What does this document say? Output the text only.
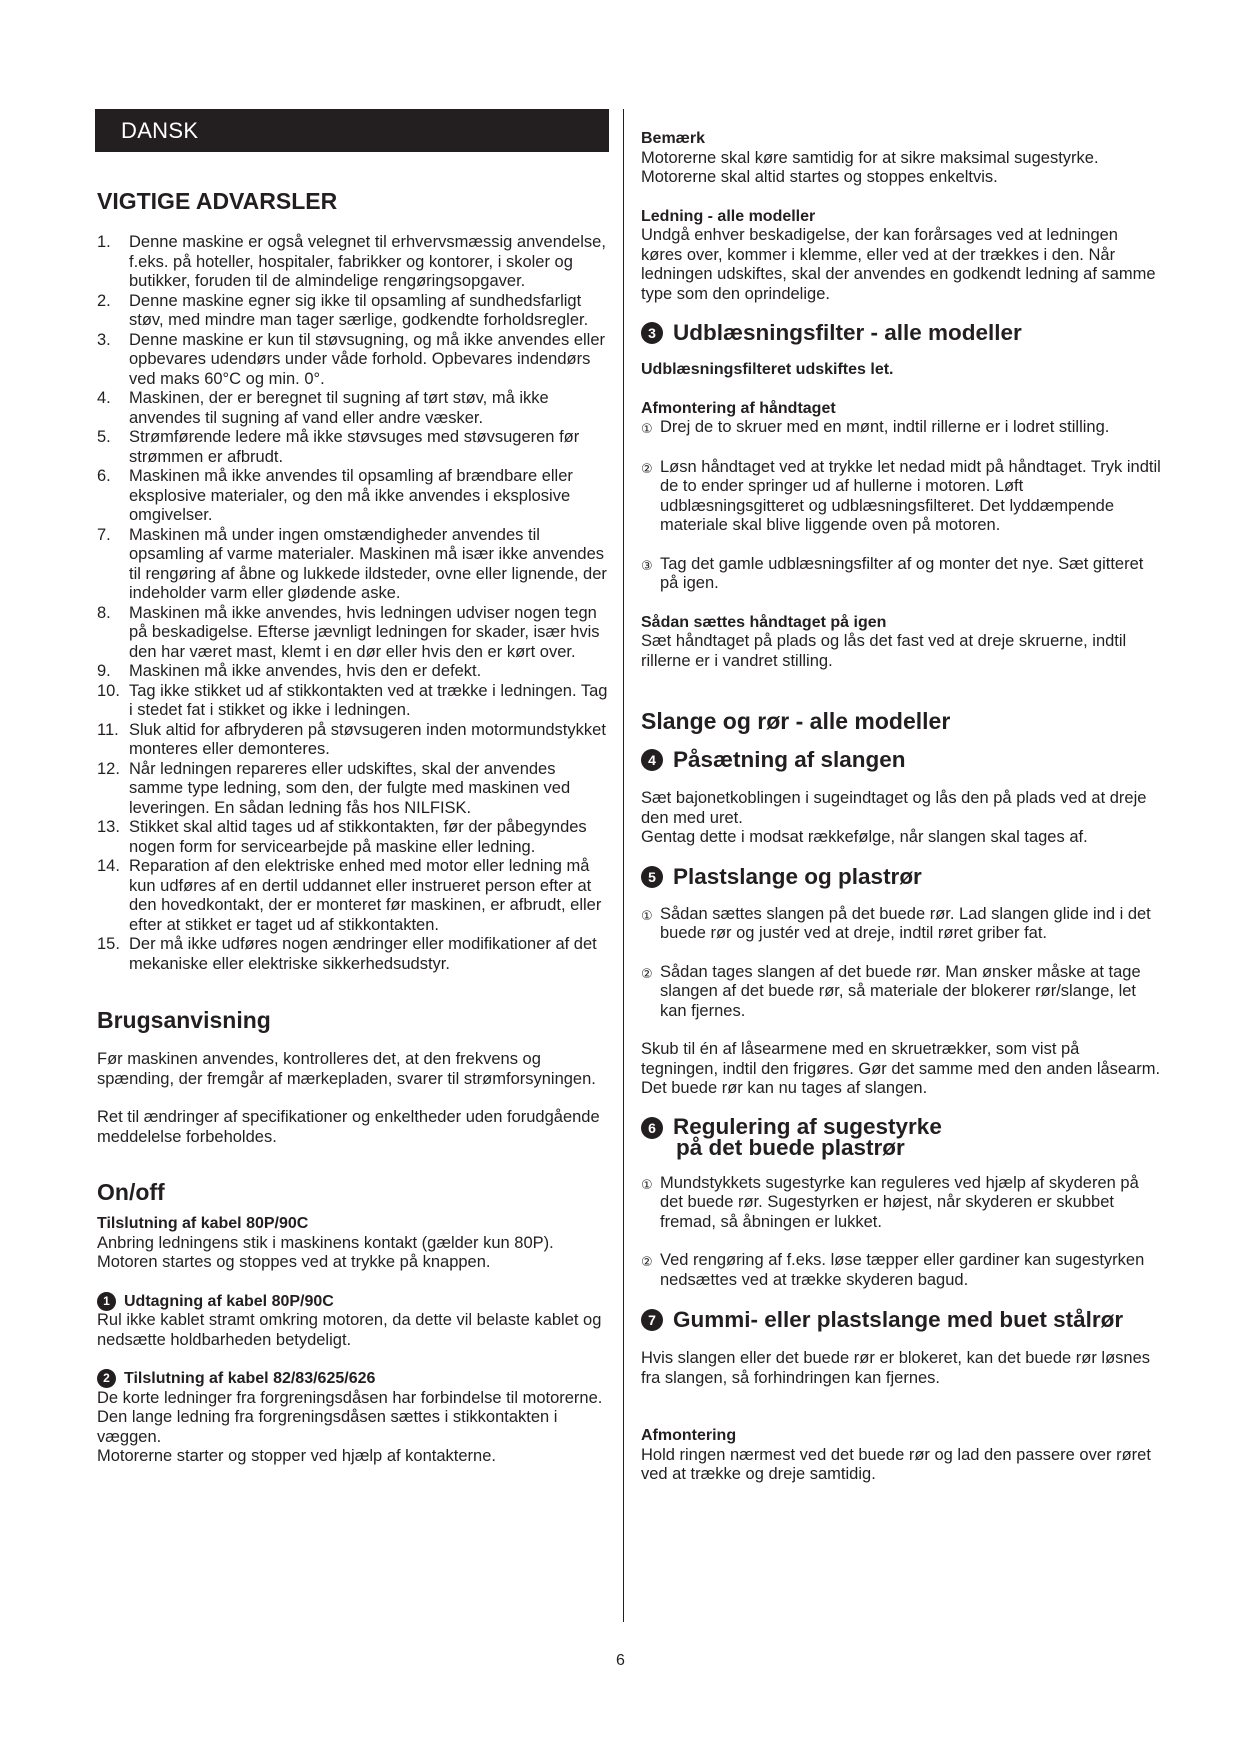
DANSK
VIGTIGE ADVARSLER
1.	Denne maskine er også velegnet til erhvervsmæssig anvendelse, f.eks. på hoteller, hospitaler, fabrikker og kontorer, i skoler og butikker, foruden til de almindelige rengøringsopgaver.
2.	Denne maskine egner sig ikke til opsamling af sundhedsfarligt støv, med mindre man tager særlige, godkendte forholdsregler.
3.	Denne maskine er kun til støvsugning, og må ikke anvendes eller opbevares udendørs under våde forhold. Opbevares indendørs ved maks 60°C og min. 0°.
4.	Maskinen, der er beregnet til sugning af tørt støv, må ikke anvendes til sugning af vand eller andre væsker.
5.	Strømførende ledere må ikke støvsuges med støvsugeren før strømmen er afbrudt.
6.	Maskinen må ikke anvendes til opsamling af brændbare eller eksplosive materialer, og den må ikke anvendes i eksplosive omgivelser.
7.	Maskinen må under ingen omstændigheder anvendes til opsamling af varme materialer. Maskinen må især ikke anvendes til rengøring af åbne og lukkede ildsteder, ovne eller lignende, der indeholder varm eller glødende aske.
8.	Maskinen må ikke anvendes, hvis ledningen udviser nogen tegn på beskadigelse. Efterse jævnligt ledningen for skader, især hvis den har været mast, klemt i en dør eller hvis den er kørt over.
9.	Maskinen må ikke anvendes, hvis den er defekt.
10. Tag ikke stikket ud af stikkontakten ved at trække i ledningen. Tag i stedet fat i stikket og ikke i ledningen.
11. Sluk altid for afbryderen på støvsugeren inden motormundstykket monteres eller demonteres.
12. Når ledningen repareres eller udskiftes, skal der anvendes samme type ledning, som den, der fulgte med maskinen ved leveringen. En sådan ledning fås hos NILFISK.
13. Stikket skal altid tages ud af stikkontakten, før der påbegyndes nogen form for servicearbejde på maskine eller ledning.
14. Reparation af den elektriske enhed med motor eller ledning må kun udføres af en dertil uddannet eller instrueret person efter at den hovedkontakt, der er monteret før maskinen, er afbrudt, eller efter at stikket er taget ud af stikkontakten.
15. Der må ikke udføres nogen ændringer eller modifikationer af det mekaniske eller elektriske sikkerhedsudstyr.
Brugsanvisning

Før maskinen anvendes, kontrolleres det, at den frekvens og spænding, der fremgår af mærkepladen, svarer til strømforsyningen.

Ret til ændringer af specifikationer og enkeltheder uden forudgående meddelelse forbeholdes.

On/off
Tilslutning af kabel 80P/90C

Anbring ledningens stik i maskinens kontakt (gælder kun 80P). Motoren startes og stoppes ved at trykke på knappen.

1 Udtagning af kabel 80P/90C

Rul ikke kablet stramt omkring motoren, da dette vil belaste kablet og nedsætte holdbarheden betydeligt.

2 Tilslutning af kabel 82/83/625/626

De korte ledninger fra forgreningsdåsen har forbindelse til motorerne. Den lange ledning fra forgreningsdåsen sættes i stikkontakten i væggen.

Motorerne starter og stopper ved hjælp af kontakterne.

Bemærk

Motorerne skal køre samtidig for at sikre maksimal sugestyrke. Motorerne skal altid startes og stoppes enkeltvis.

Ledning - alle modeller

Undgå enhver beskadigelse, der kan forårsages ved at ledningen køres over, kommer i klemme, eller ved at der trækkes i den. Når ledningen udskiftes, skal der anvendes en godkendt ledning af samme type som den oprindelige.

3 Udblæsningsfilter - alle modeller
Udblæsningsfilteret udskiftes let.
Afmontering af håndtaget
① Drej de to skruer med en mønt, indtil rillerne er i lodret stilling.
② Løsn håndtaget ved at trykke let nedad midt på håndtaget. Tryk indtil de to ender springer ud af hullerne i motoren. Løft udblæsningsgitteret og udblæsningsfilteret. Det lyddæmpende materiale skal blive liggende oven på motoren.
③ Tag det gamle udblæsningsfilter af og monter det nye. Sæt gitteret på igen.
Sådan sættes håndtaget på igen

Sæt håndtaget på plads og lås det fast ved at dreje skruerne, indtil rillerne er i vandret stilling.

Slange og rør - alle modeller
4 Påsætning af slangen

Sæt bajonetkoblingen i sugeindtaget og lås den på plads ved at dreje den med uret.

Gentag dette i modsat rækkefølge, når slangen skal tages af.

5 Plastslange og plastrør
① Sådan sættes slangen på det buede rør. Lad slangen glide ind i det buede rør og justér ved at dreje, indtil røret griber fat.
② Sådan tages slangen af det buede rør. Man ønsker måske at tage slangen af det buede rør, så materiale der blokerer rør/slange, let kan fjernes.

Skub til én af låsearmene med en skruetrækker, som vist på tegningen, indtil den frigøres. Gør det samme med den anden låsearm. Det buede rør kan nu tages af slangen.

6 Regulering af sugestyrke
på det buede plastrør
① Mundstykkets sugestyrke kan reguleres ved hjælp af skyderen på det buede rør. Sugestyrken er højest, når skyderen er skubbet fremad, så åbningen er lukket.
② Ved rengøring af f.eks. løse tæpper eller gardiner kan sugestyrken nedsættes ved at trække skyderen bagud.
7 Gummi- eller plastslange med buet stålrør

Hvis slangen eller det buede rør er blokeret, kan det buede rør løsnes fra slangen, så forhindringen kan fjernes.

Afmontering

Hold ringen nærmest ved det buede rør og lad den passere over røret ved at trække og dreje samtidig.

6
